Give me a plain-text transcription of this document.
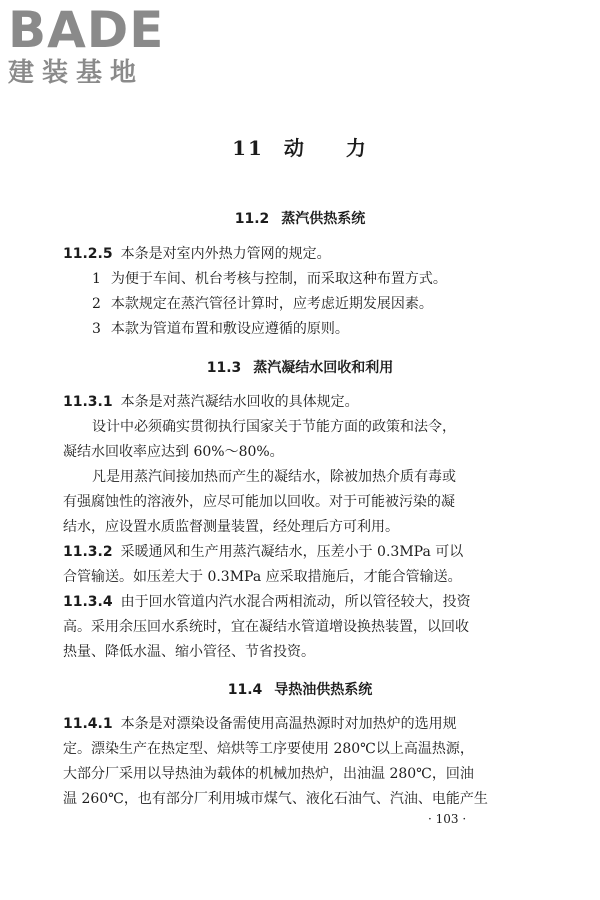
BADE
建装基地
11 动 力
11.2 蒸汽供热系统
11.2.5 本条是对室内外热力管网的规定。
1 为便于车间、机台考核与控制，而采取这种布置方式。
2 本款规定在蒸汽管径计算时，应考虑近期发展因素。
3 本款为管道布置和敷设应遵循的原则。
11.3 蒸汽凝结水回收和利用
11.3.1 本条是对蒸汽凝结水回收的具体规定。
设计中必须确实贯彻执行国家关于节能方面的政策和法令，
凝结水回收率应达到 60%～80%。
凡是用蒸汽间接加热而产生的凝结水，除被加热介质有毒或
有强腐蚀性的溶液外，应尽可能加以回收。对于可能被污染的凝
结水，应设置水质监督测量装置，经处理后方可利用。
11.3.2 采暖通风和生产用蒸汽凝结水，压差小于 0.3MPa 可以
合管输送。如压差大于 0.3MPa 应采取措施后，才能合管输送。
11.3.4 由于回水管道内汽水混合两相流动，所以管径较大，投资
高。采用余压回水系统时，宜在凝结水管道增设换热装置，以回收
热量、降低水温、缩小管径、节省投资。
11.4 导热油供热系统
11.4.1 本条是对漂染设备需使用高温热源时对加热炉的选用规
定。漂染生产在热定型、焙烘等工序要使用 280℃以上高温热源，
大部分厂采用以导热油为载体的机械加热炉，出油温 280℃，回油
温 260℃，也有部分厂利用城市煤气、液化石油气、汽油、电能产生
· 103 ·
